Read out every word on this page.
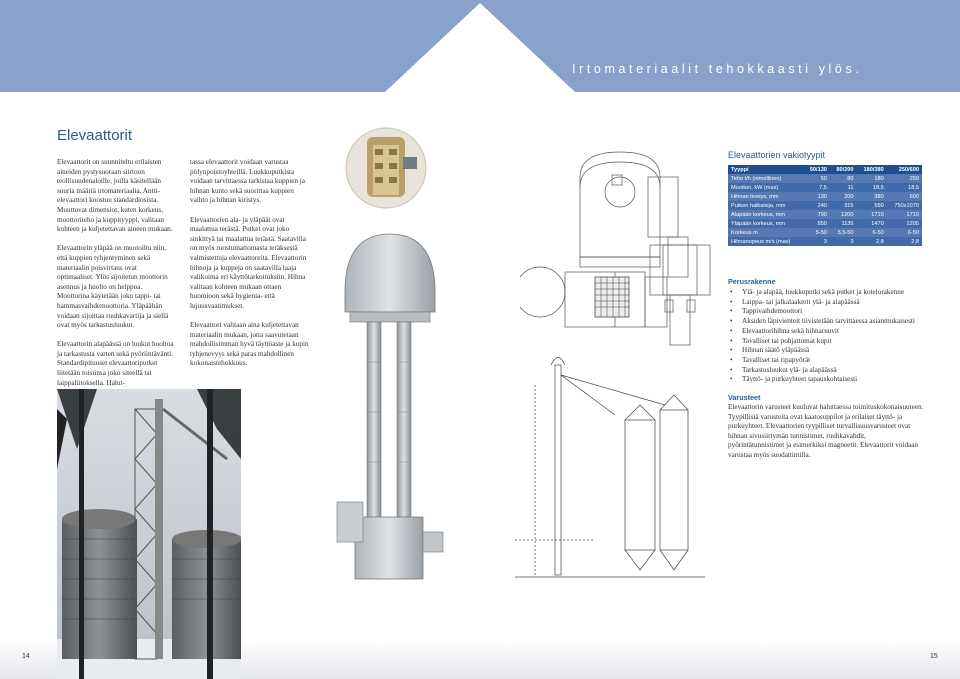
Irtomateriaalit tehokkaasti ylös.
Elevaattorit

Elevaattorit on suunniteltu erilaisten aineiden pystysuoraan siirtoon teollisuudenaloille, joilla käsitellään suuria määriä irtomateriaalia. Antti-elevaattori koostuu standardiosista. Muuttuvat dimensiot, kuten korkeus, moottoriteho ja kuppityyppi, valitaan kohteen ja kuljetettavan aineen mukaan.

Elevaattorin yläpää on muotoiltu niin, että kuppien tyhjentyminen sekä materiaalin poisvirtaus ovat optimaaliset. Ylös sijoitetun moottorin asennus ja huolto on helppoa. Moottorina käytetään joko tappi- tai hammasvaihdemoottoria. Yläpäähän voidaan sijoittaa ruuhkavartija ja siellä ovat myös tarkastusluukut.

Elevaattorin alapäässä on luukut huoltoa ja tarkastusta varten sekä pyöriintävänti. Standardipituuset elevaattoriputket liitetään toisiinsa joko siteellä tai laippaliitoksella. Halut-

tassa elevaattorit voidaan varustaa pölynpoistoyhteillä. Luukkuputkista voidaan tarvittaessa tarkistaa kuppien ja hihnan kunto sekä suorittaa kuppien vaihto ja hihnan kiristys.

Elevaattorien ala- ja yläpäät ovat maalattua terästä. Putket ovat joko sinkittyä tai maalattua terästä. Saatavilla on myös ruostumattomasta teräksestä valmistettuja elevaattoreita. Elevaattorin hihnoja ja kuppeja on saatavilla laaja valikoima eri käyttötarkoituksiin. Hihna valitaan kohteen mukaan ottaen huomioon sekä hygienia- että lujuusvaatimukset.

Elevaattori valitaan aina kuljetettavan materiaalin mukaan, jotta saavutetaan mahdollisimman hyvä täyttöaste ja kupin tyhjenevyys sekä paras mahdollinen kokonaistehokkuus.

Elevaattorien vakiotyypit
Tyyppi	50/130	80/200	180/380	250/600
Teho t/h (nimellinen)	50	80	180	250
Moottori, kW (max)	7,5	11	18,5	18,5
Hihnan leveys, mm	130	200	380	600
Putken halkaisija, mm	240	315	550	750x1070
Alapään korkeus, mm	790	1200	1710	1710
Yläpään korkeus, mm	850	1135	1470	1205
Korkeus m	5-50	5,5-50	6-50	6-50
Hihnanopeus m/s (max)	3	3	2,8	2,8
Perusrakenne
• Ylä- ja alapää, luukkuputki sekä putket ja kotelorakenne
• Laippa- tai jalkalaakerit ylä- ja alapäässä
• Tappivaihdemoottori
• Aksiden läpivienteit tiivistetään tarvittaessa asianmukaisesti
• Elevaattorihihna sekä hihnaruuvit
• Tavalliset tai pohjattomat kupit
• Hihnan säätö yläpäässä
• Tavalliset tai ripapyörät
• Tarkastusluukut ylä- ja alapäässä
• Täyttö- ja purkuyhteet tapauskohtaisesti
Varusteet
Elevaattorin varusteet kuuluvat haluttaessa toimituskokonaisuuteen. Tyypillisiä varusteita ovat kaatosuppilot ja erilaiset täyttö- ja purkuyhteet. Elevaattorien tyypilliset turvallisuusvarusteet ovat hihnan sivusiirtymän tunnistimet, ruuhkavahdit, pyörintätunnistimet ja esimerkiksi magneetit. Elevaattorit voidaan varustaa myös suodattimilla.
14	15
